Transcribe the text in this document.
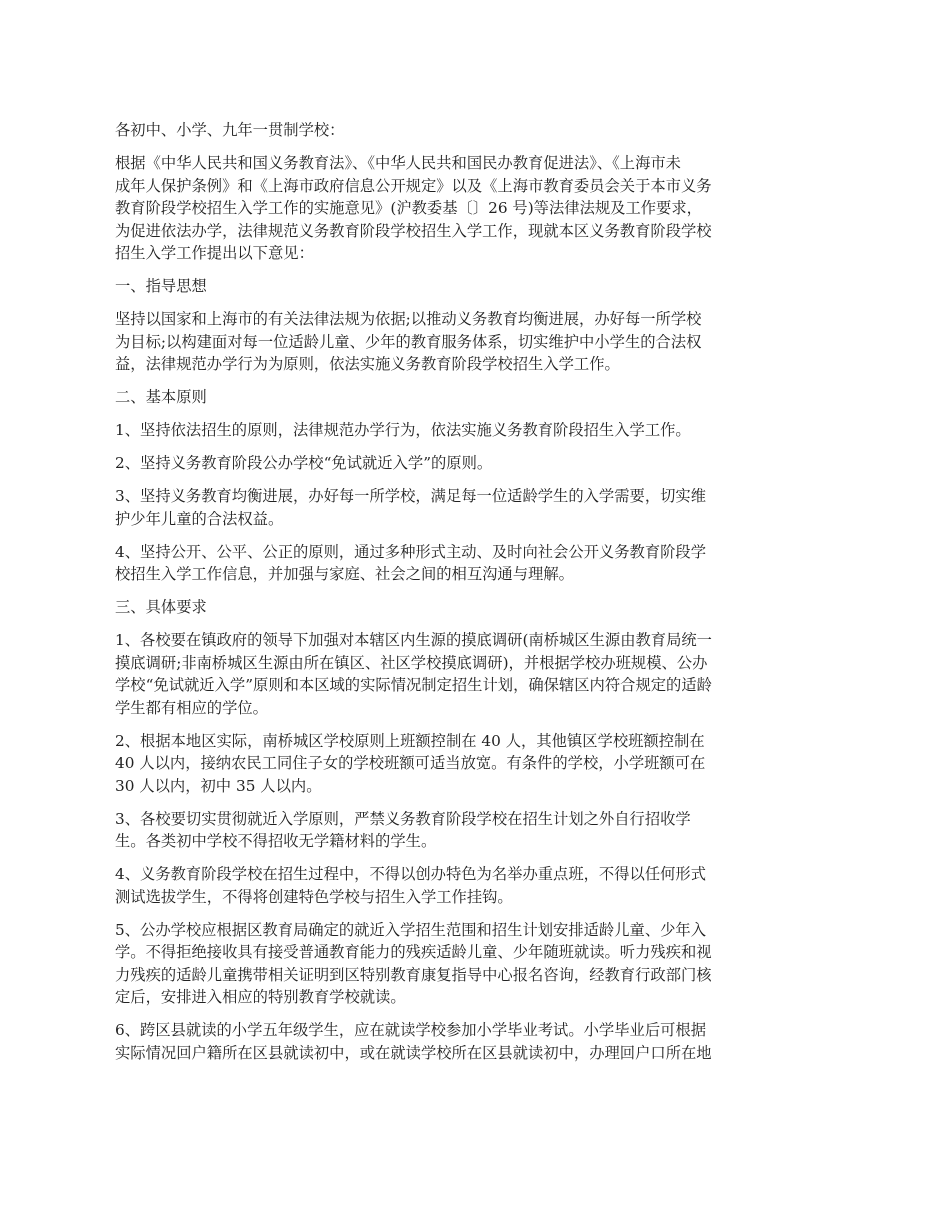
各初中、小学、九年一贯制学校：

根据《中华人民共和国义务教育法》、《中华人民共和国民办教育促进法》、《上海市未
成年人保护条例》和《上海市政府信息公开规定》以及《上海市教育委员会关于本市义务
教育阶段学校招生入学工作的实施意见》(沪教委基〔〕26 号)等法律法规及工作要求，
为促进依法办学，法律规范义务教育阶段学校招生入学工作，现就本区义务教育阶段学校
招生入学工作提出以下意见：

一、指导思想

坚持以国家和上海市的有关法律法规为依据;以推动义务教育均衡进展，办好每一所学校
为目标;以构建面对每一位适龄儿童、少年的教育服务体系，切实维护中小学生的合法权
益，法律规范办学行为为原则，依法实施义务教育阶段学校招生入学工作。

二、基本原则

1、坚持依法招生的原则，法律规范办学行为，依法实施义务教育阶段招生入学工作。

2、坚持义务教育阶段公办学校“免试就近入学”的原则。

3、坚持义务教育均衡进展，办好每一所学校，满足每一位适龄学生的入学需要，切实维
护少年儿童的合法权益。

4、坚持公开、公平、公正的原则，通过多种形式主动、及时向社会公开义务教育阶段学
校招生入学工作信息，并加强与家庭、社会之间的相互沟通与理解。

三、具体要求

1、各校要在镇政府的领导下加强对本辖区内生源的摸底调研(南桥城区生源由教育局统一
摸底调研;非南桥城区生源由所在镇区、社区学校摸底调研)，并根据学校办班规模、公办
学校“免试就近入学”原则和本区域的实际情况制定招生计划，确保辖区内符合规定的适龄
学生都有相应的学位。

2、根据本地区实际，南桥城区学校原则上班额控制在 40 人，其他镇区学校班额控制在
40 人以内，接纳农民工同住子女的学校班额可适当放宽。有条件的学校，小学班额可在
30 人以内，初中 35 人以内。

3、各校要切实贯彻就近入学原则，严禁义务教育阶段学校在招生计划之外自行招收学
生。各类初中学校不得招收无学籍材料的学生。

4、义务教育阶段学校在招生过程中，不得以创办特色为名举办重点班，不得以任何形式
测试选拔学生，不得将创建特色学校与招生入学工作挂钩。

5、公办学校应根据区教育局确定的就近入学招生范围和招生计划安排适龄儿童、少年入
学。不得拒绝接收具有接受普通教育能力的残疾适龄儿童、少年随班就读。听力残疾和视
力残疾的适龄儿童携带相关证明到区特别教育康复指导中心报名咨询，经教育行政部门核
定后，安排进入相应的特别教育学校就读。

6、跨区县就读的小学五年级学生，应在就读学校参加小学毕业考试。小学毕业后可根据
实际情况回户籍所在区县就读初中，或在就读学校所在区县就读初中，办理回户口所在地
